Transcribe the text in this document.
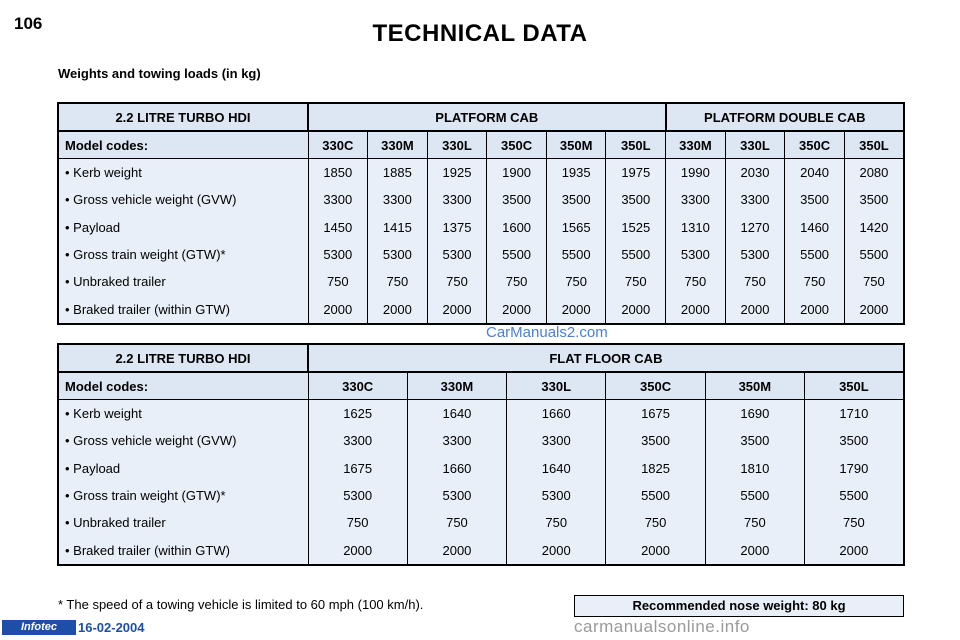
106	TECHNICAL DATA
Weights and towing loads (in kg)
2.2 LITRE TURBO HDI	PLATFORM CAB						PLATFORM DOUBLE CAB			
Model codes:	330C	330M	330L	350C	350M	350L	330M	330L	350C	350L
• Kerb weight	1850	1885	1925	1900	1935	1975	1990	2030	2040	2080
• Gross vehicle weight (GVW)	3300	3300	3300	3500	3500	3500	3300	3300	3500	3500
• Payload	1450	1415	1375	1600	1565	1525	1310	1270	1460	1420
• Gross train weight (GTW)*	5300	5300	5300	5500	5500	5500	5300	5300	5500	5500
• Unbraked trailer	750	750	750	750	750	750	750	750	750	750
• Braked trailer (within GTW)	2000	2000	2000	2000	2000	2000	2000	2000	2000	2000
CarManuals2.com
2.2 LITRE TURBO HDI	FLAT FLOOR CAB					
Model codes:	330C	330M	330L	350C	350M	350L
• Kerb weight	1625	1640	1660	1675	1690	1710
• Gross vehicle weight (GVW)	3300	3300	3300	3500	3500	3500
• Payload	1675	1660	1640	1825	1810	1790
• Gross train weight (GTW)*	5300	5300	5300	5500	5500	5500
• Unbraked trailer	750	750	750	750	750	750
• Braked trailer (within GTW)	2000	2000	2000	2000	2000	2000
* The speed of a towing vehicle is limited to 60 mph (100 km/h).	Recommended nose weight: 80 kg
Infotec	16-02-2004	carmanualsonline.info
